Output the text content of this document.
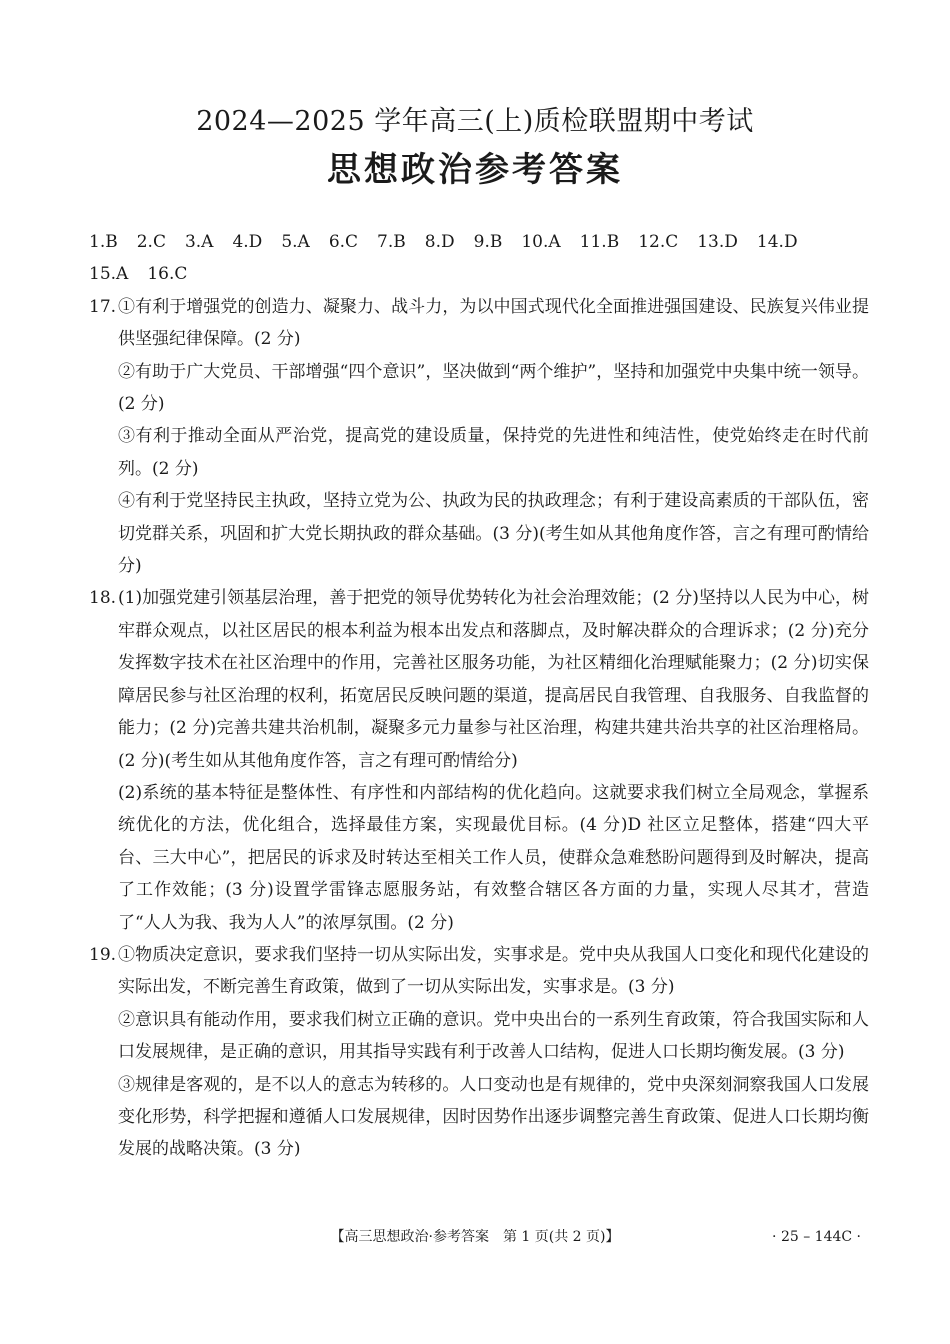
2024—2025 学年高三(上)质检联盟期中考试
思想政治参考答案
1.B 2.C 3.A 4.D 5.A 6.C 7.B 8.D 9.B 10.A 11.B 12.C 13.D 14.D
15.A 16.C
17. ①有利于增强党的创造力、凝聚力、战斗力，为以中国式现代化全面推进强国建设、民族复兴伟业提供坚强纪律保障。(2 分)
②有助于广大党员、干部增强“四个意识”，坚决做到“两个维护”，坚持和加强党中央集中统一领导。(2 分)
③有利于推动全面从严治党，提高党的建设质量，保持党的先进性和纯洁性，使党始终走在时代前列。(2 分)
④有利于党坚持民主执政，坚持立党为公、执政为民的执政理念；有利于建设高素质的干部队伍，密切党群关系，巩固和扩大党长期执政的群众基础。(3 分)(考生如从其他角度作答，言之有理可酌情给分)
18. (1)加强党建引领基层治理，善于把党的领导优势转化为社会治理效能；(2 分)坚持以人民为中心，树牢群众观点，以社区居民的根本利益为根本出发点和落脚点，及时解决群众的合理诉求；(2 分)充分发挥数字技术在社区治理中的作用，完善社区服务功能，为社区精细化治理赋能聚力；(2 分)切实保障居民参与社区治理的权利，拓宽居民反映问题的渠道，提高居民自我管理、自我服务、自我监督的能力；(2 分)完善共建共治机制，凝聚多元力量参与社区治理，构建共建共治共享的社区治理格局。(2 分)(考生如从其他角度作答，言之有理可酌情给分)
(2)系统的基本特征是整体性、有序性和内部结构的优化趋向。这就要求我们树立全局观念，掌握系统优化的方法，优化组合，选择最佳方案，实现最优目标。(4 分)D 社区立足整体，搭建“四大平台、三大中心”，把居民的诉求及时转达至相关工作人员，使群众急难愁盼问题得到及时解决，提高了工作效能；(3 分)设置学雷锋志愿服务站，有效整合辖区各方面的力量，实现人尽其才，营造了“人人为我、我为人人”的浓厚氛围。(2 分)
19. ①物质决定意识，要求我们坚持一切从实际出发，实事求是。党中央从我国人口变化和现代化建设的实际出发，不断完善生育政策，做到了一切从实际出发，实事求是。(3 分)
②意识具有能动作用，要求我们树立正确的意识。党中央出台的一系列生育政策，符合我国实际和人口发展规律，是正确的意识，用其指导实践有利于改善人口结构，促进人口长期均衡发展。(3 分)
③规律是客观的，是不以人的意志为转移的。人口变动也是有规律的，党中央深刻洞察我国人口发展变化形势，科学把握和遵循人口发展规律，因时因势作出逐步调整完善生育政策、促进人口长期均衡发展的战略决策。(3 分)
【高三思想政治·参考答案　第 1 页(共 2 页)】	· 25 – 144C ·
